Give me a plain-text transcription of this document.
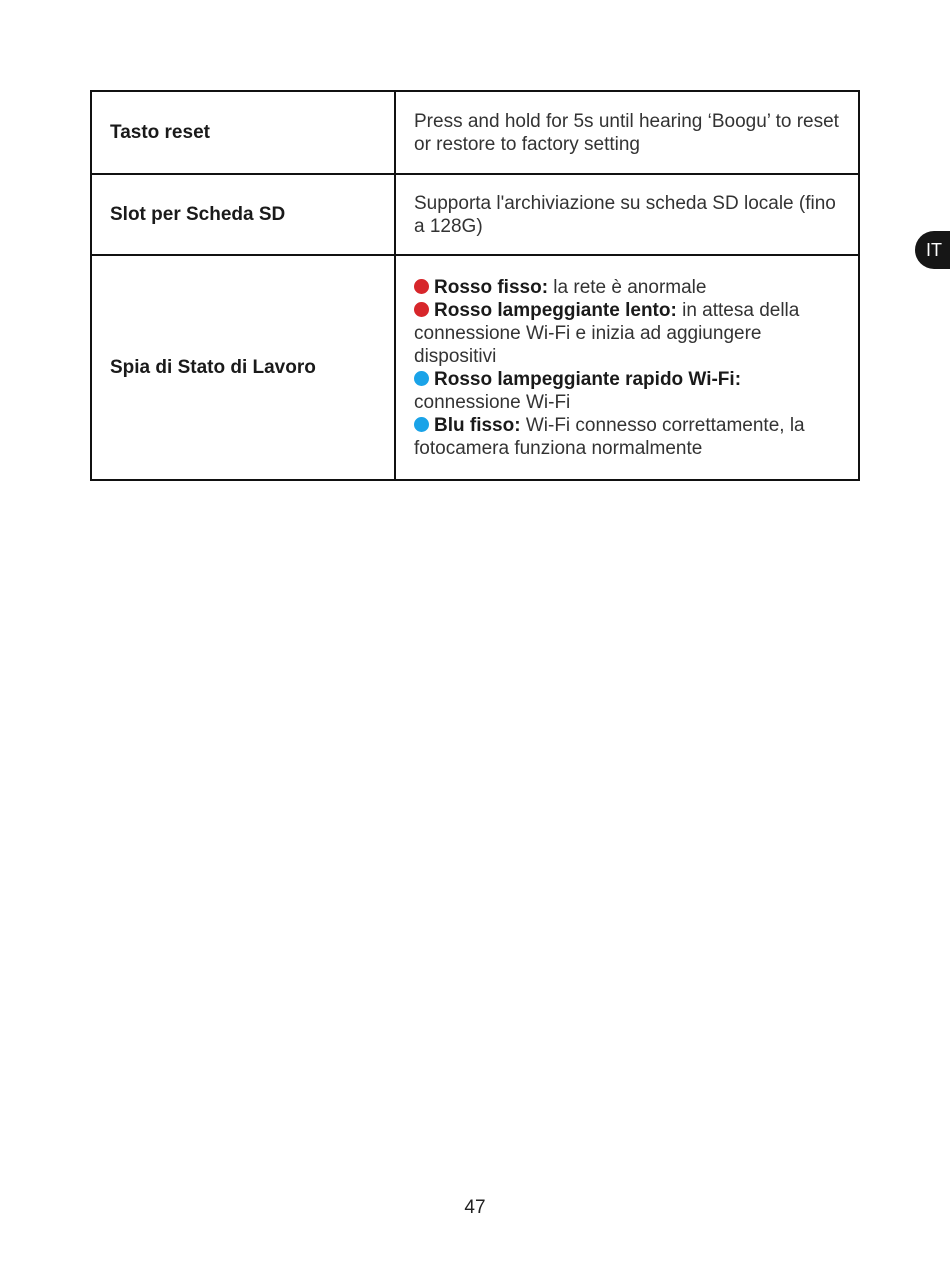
IT
Tasto reset	Press and hold for 5s until hearing ‘Boogu’ to reset or restore to factory setting
Slot per Scheda SD	Supporta l'archiviazione su scheda SD locale (fino a 128G)
Spia di Stato di Lavoro	Rosso fisso: la rete è anormale
Rosso lampeggiante lento: in attesa della connessione Wi-Fi e inizia ad aggiungere dispositivi
Rosso lampeggiante rapido Wi-Fi: connessione Wi-Fi
Blu fisso: Wi-Fi connesso correttamente, la fotocamera funziona normalmente
47
